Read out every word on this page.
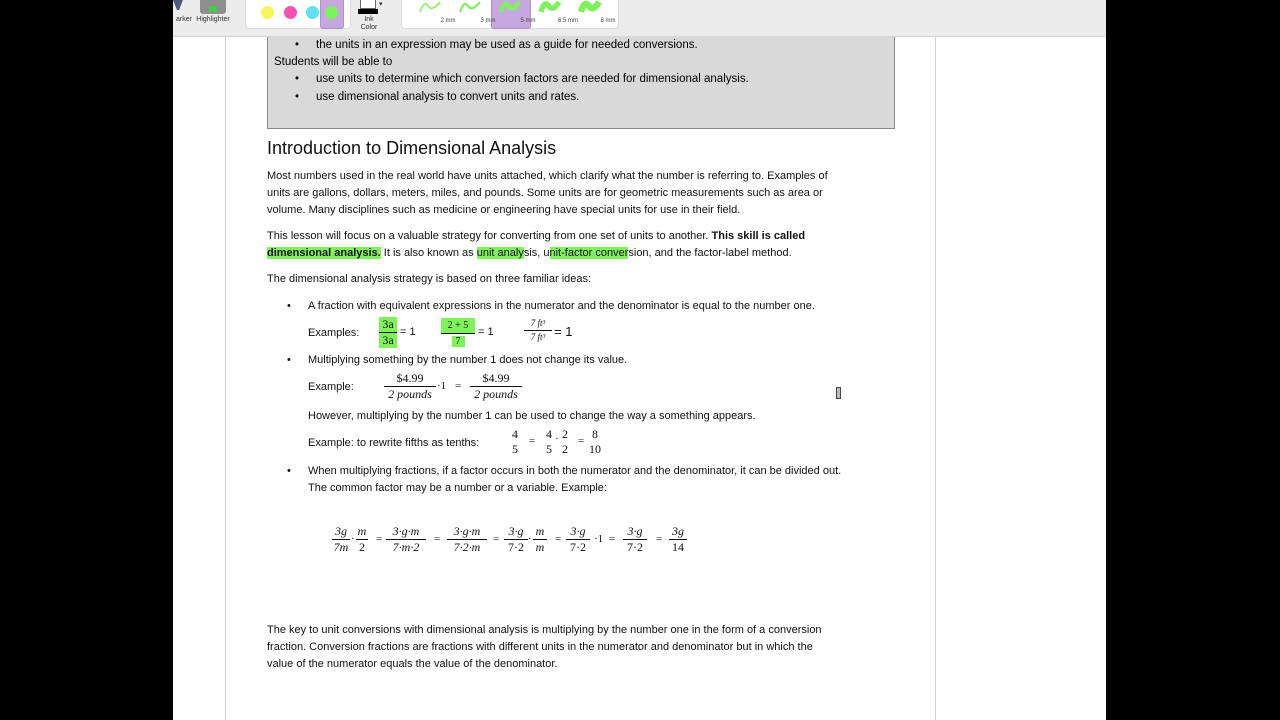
arker Highlighter
▾
Ink
Color
2 mm	3 mm	5 mm	6.5 mm	8 mm
• the units in an expression may be used as a guide for needed conversions.
Students will be able to
• use units to determine which conversion factors are needed for dimensional analysis.
• use dimensional analysis to convert units and rates.
Introduction to Dimensional Analysis
Most numbers used in the real world have units attached, which clarify what the number is referring to. Examples of
units are gallons, dollars, meters, miles, and pounds. Some units are for geometric measurements such as area or
volume. Many disciplines such as medicine or engineering have special units for use in their field.
This lesson will focus on a valuable strategy for converting from one set of units to another. This skill is called
dimensional analysis. It is also known as unit analysis, unit-factor conversion, and the factor-label method.
The dimensional analysis strategy is based on three familiar ideas:
• A fraction with equivalent expressions in the numerator and the denominator is equal to the number one.
Examples: $\frac{3a}{3a} = 1$	$\frac{2 + 5}{7} = 1$	$\frac{\text{7 ft³}}{\text{7 ft³}} = 1$
• Multiplying something by the number 1 does not change its value.
Example:
$4.99
2 pounds
·1 =
$4.99
2 pounds
However, multiplying by the number 1 can be used to change the way a something appears.
Example: to rewrite fifths as tenths:
4
5
= 4
5
· 2
2
= 8
10
• When multiplying fractions, if a factor occurs in both the numerator and the denominator, it can be divided out.
The common factor may be a number or a variable. Example:
$\frac{3g}{7m} \frac{m}{2} \frac{3\cdot g\cdot m}{7\cdot m\cdot 2} \frac{3\cdot g\cdot m}{7\cdot 2\cdot m} \frac{3\cdot g}{7\cdot 2} \frac{m}{m} \frac{3\cdot g}{7\cdot 2}$	$\frac{3\cdot g}{7\cdot 2} \frac{3g}{14}$
· =	=	=	· =	·1  =	=
The key to unit conversions with dimensional analysis is multiplying by the number one in the form of a conversion
fraction. Conversion fractions are fractions with different units in the numerator and denominator but in which the
value of the numerator equals the value of the denominator.
